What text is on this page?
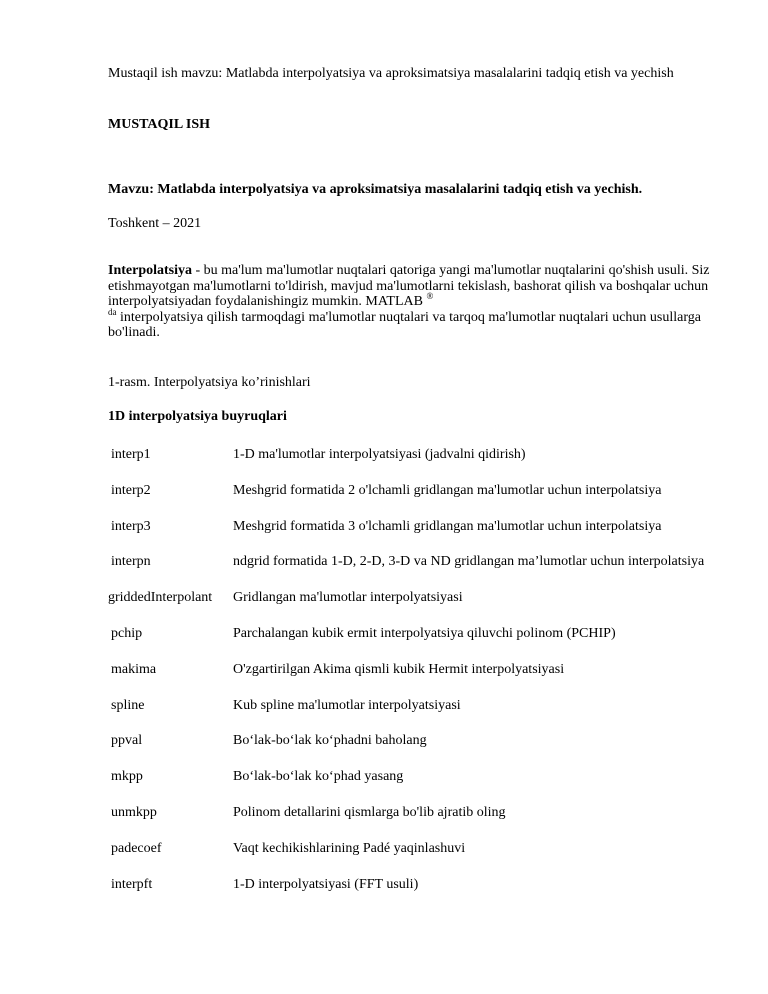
Mustaqil ish mavzu: Matlabda interpolyatsiya va aproksimatsiya masalalarini tadqiq etish va yechish

MUSTAQIL ISH

Mavzu: Matlabda interpolyatsiya va aproksimatsiya masalalarini tadqiq etish va yechish.

Toshkent – 2021

Interpolatsiya - bu ma'lum ma'lumotlar nuqtalari qatoriga yangi ma'lumotlar nuqtalarini qo'shish usuli. Siz etishmayotgan ma'lumotlarni to'ldirish, mavjud ma'lumotlarni tekislash, bashorat qilish va boshqalar uchun interpolyatsiyadan foydalanishingiz mumkin. MATLAB ®
$^{da}$ interpolyatsiya qilish tarmoqdagi ma'lumotlar nuqtalari va tarqoq ma'lumotlar nuqtalari uchun usullarga bo'linadi.

1-rasm. Interpolyatsiya ko’rinishlari

1D interpolyatsiya buyruqlari

interp1	1-D ma'lumotlar interpolyatsiyasi (jadvalni qidirish)
interp2	Meshgrid formatida 2 o'lchamli gridlangan ma'lumotlar uchun interpolatsiya
interp3	Meshgrid formatida 3 o'lchamli gridlangan ma'lumotlar uchun interpolatsiya
interpn	ndgrid formatida 1-D, 2-D, 3-D va ND gridlangan ma’lumotlar uchun interpolatsiya
griddedInterpolant	Gridlangan ma'lumotlar interpolyatsiyasi
pchip	Parchalangan kubik ermit interpolyatsiya qiluvchi polinom (PCHIP)
makima	O'zgartirilgan Akima qismli kubik Hermit interpolyatsiyasi
spline	Kub spline ma'lumotlar interpolyatsiyasi
ppval	Bo‘lak-bo‘lak ko‘phadni baholang
mkpp	Bo‘lak-bo‘lak ko‘phad yasang
unmkpp	Polinom detallarini qismlarga bo'lib ajratib oling
padecoef	Vaqt kechikishlarining Padé yaqinlashuvi
interpft	1-D interpolyatsiyasi (FFT usuli)
